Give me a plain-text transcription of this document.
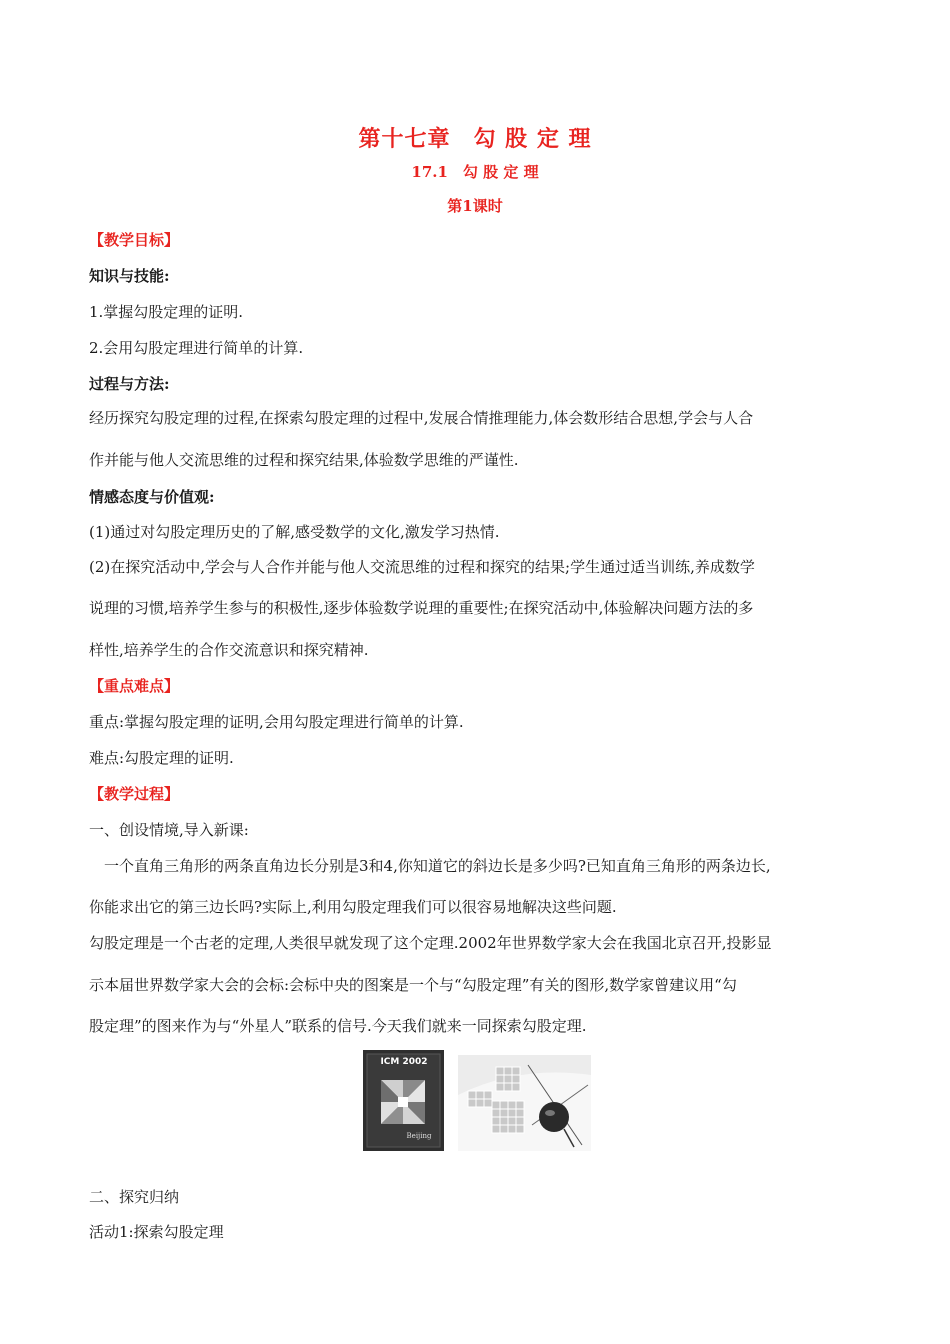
第十七章　勾 股 定 理
17.1　勾 股 定 理
第1课时
【教学目标】
知识与技能:
1.掌握勾股定理的证明.
2.会用勾股定理进行简单的计算.
过程与方法:
经历探究勾股定理的过程,在探索勾股定理的过程中,发展合情推理能力,体会数形结合思想,学会与人合
作并能与他人交流思维的过程和探究结果,体验数学思维的严谨性.
情感态度与价值观:
(1)通过对勾股定理历史的了解,感受数学的文化,激发学习热情.
(2)在探究活动中,学会与人合作并能与他人交流思维的过程和探究的结果;学生通过适当训练,养成数学
说理的习惯,培养学生参与的积极性,逐步体验数学说理的重要性;在探究活动中,体验解决问题方法的多
样性,培养学生的合作交流意识和探究精神.
【重点难点】
重点:掌握勾股定理的证明,会用勾股定理进行简单的计算.
难点:勾股定理的证明.
【教学过程】
一、创设情境,导入新课:
　一个直角三角形的两条直角边长分别是3和4,你知道它的斜边长是多少吗?已知直角三角形的两条边长,
你能求出它的第三边长吗?实际上,利用勾股定理我们可以很容易地解决这些问题.
勾股定理是一个古老的定理,人类很早就发现了这个定理.2002年世界数学家大会在我国北京召开,投影显
示本届世界数学家大会的会标:会标中央的图案是一个与“勾股定理”有关的图形,数学家曾建议用“勾
股定理”的图来作为与“外星人”联系的信号.今天我们就来一同探索勾股定理.
ICM 2002
Beijing
二、探究归纳
活动1:探索勾股定理
